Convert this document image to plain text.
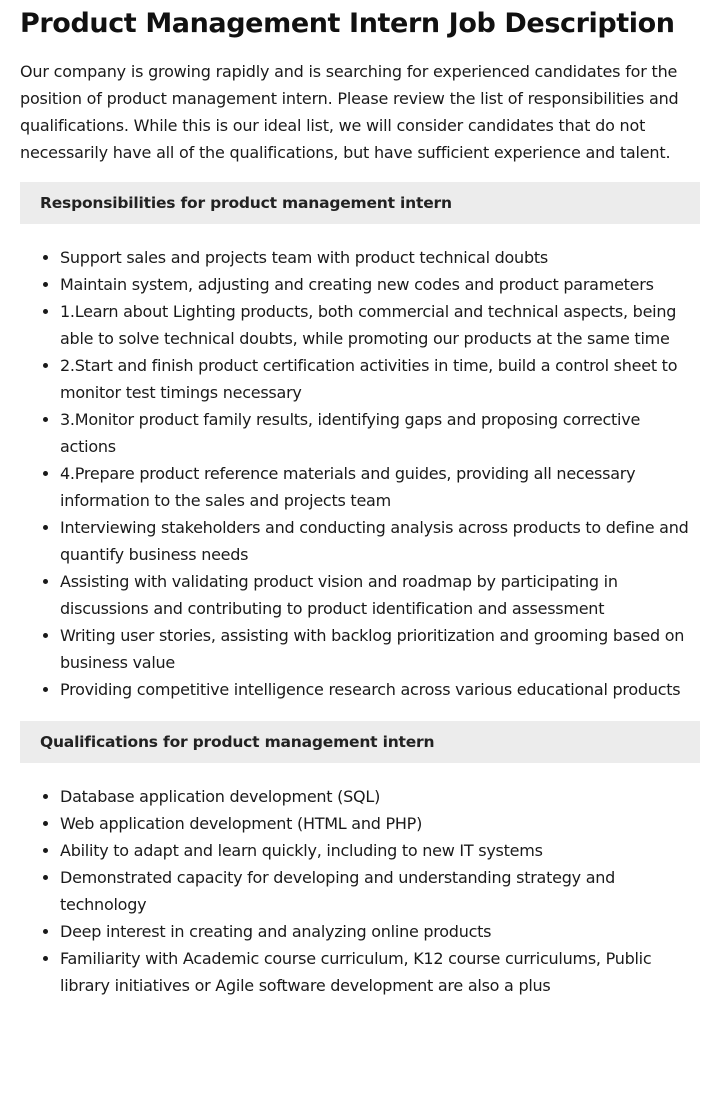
Product Management Intern Job Description

Our company is growing rapidly and is searching for experienced candidates for the position of product management intern. Please review the list of responsibilities and qualifications. While this is our ideal list, we will consider candidates that do not necessarily have all of the qualifications, but have sufficient experience and talent.

Responsibilities for product management intern
• Support sales and projects team with product technical doubts
• Maintain system, adjusting and creating new codes and product parameters
• 1.Learn about Lighting products, both commercial and technical aspects, being able to solve technical doubts, while promoting our products at the same time
• 2.Start and finish product certification activities in time, build a control sheet to monitor test timings necessary
• 3.Monitor product family results, identifying gaps and proposing corrective actions
• 4.Prepare product reference materials and guides, providing all necessary information to the sales and projects team
• Interviewing stakeholders and conducting analysis across products to define and quantify business needs
• Assisting with validating product vision and roadmap by participating in discussions and contributing to product identification and assessment
• Writing user stories, assisting with backlog prioritization and grooming based on business value
• Providing competitive intelligence research across various educational products
Qualifications for product management intern
• Database application development (SQL)
• Web application development (HTML and PHP)
• Ability to adapt and learn quickly, including to new IT systems
• Demonstrated capacity for developing and understanding strategy and technology
• Deep interest in creating and analyzing online products
• Familiarity with Academic course curriculum, K12 course curriculums, Public library initiatives or Agile software development are also a plus
